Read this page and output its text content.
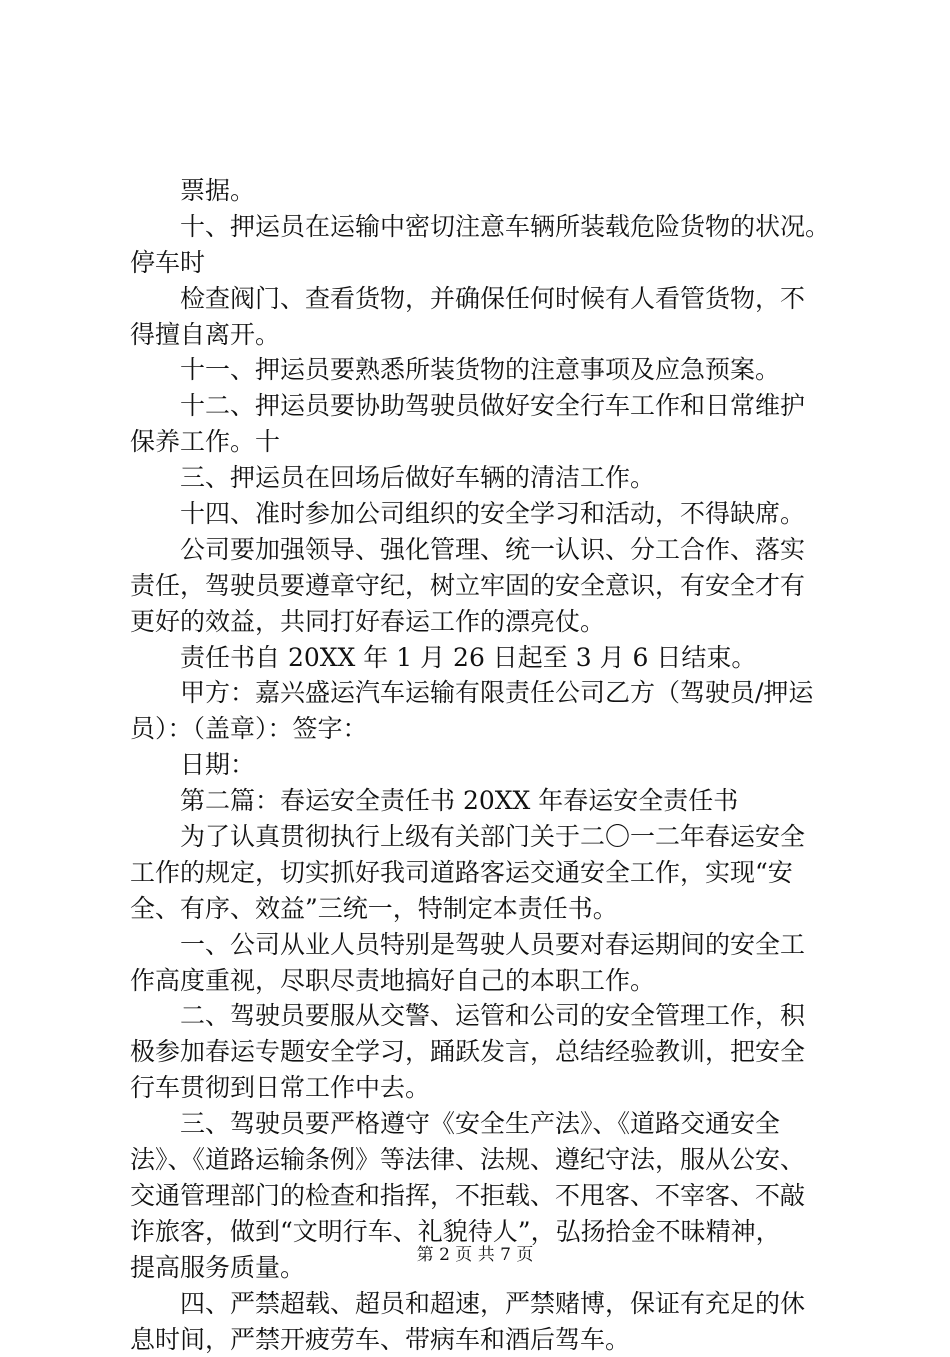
票据。
十、押运员在运输中密切注意车辆所装载危险货物的状况。
停车时
检查阀门、查看货物，并确保任何时候有人看管货物，不
得擅自离开。
十一、押运员要熟悉所装货物的注意事项及应急预案。
十二、押运员要协助驾驶员做好安全行车工作和日常维护
保养工作。十
三、押运员在回场后做好车辆的清洁工作。
十四、准时参加公司组织的安全学习和活动，不得缺席。
公司要加强领导、强化管理、统一认识、分工合作、落实
责任，驾驶员要遵章守纪，树立牢固的安全意识，有安全才有
更好的效益，共同打好春运工作的漂亮仗。
责任书自 20XX 年 1 月 26 日起至 3 月 6 日结束。
甲方：嘉兴盛运汽车运输有限责任公司乙方（驾驶员/押运
员）：（盖章）：签字：
日期：
第二篇：春运安全责任书 20XX 年春运安全责任书
为了认真贯彻执行上级有关部门关于二〇一二年春运安全
工作的规定，切实抓好我司道路客运交通安全工作，实现“安
全、有序、效益”三统一，特制定本责任书。
一、公司从业人员特别是驾驶人员要对春运期间的安全工
作高度重视，尽职尽责地搞好自己的本职工作。
二、驾驶员要服从交警、运管和公司的安全管理工作，积
极参加春运专题安全学习，踊跃发言，总结经验教训，把安全
行车贯彻到日常工作中去。
三、驾驶员要严格遵守《安全生产法》、《道路交通安全
法》、《道路运输条例》等法律、法规、遵纪守法，服从公安、
交通管理部门的检查和指挥，不拒载、不甩客、不宰客、不敲
诈旅客，做到“文明行车、礼貌待人”，弘扬拾金不昧精神，
提高服务质量。
四、严禁超载、超员和超速，严禁赌博，保证有充足的休
息时间，严禁开疲劳车、带病车和酒后驾车。
第 2 页 共 7 页
